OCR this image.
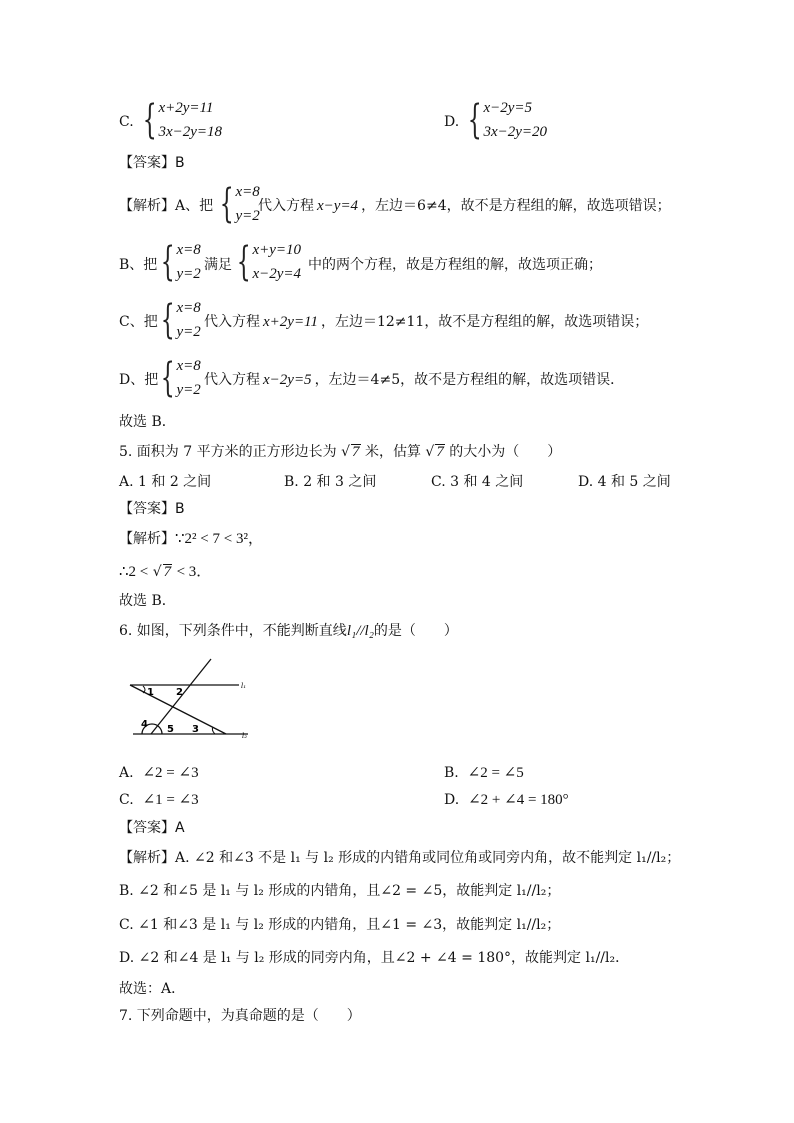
C. { x+2y=11
3x−2y=18
D. { x−2y=5
3x−2y=20
【答案】B
【解析】A、把 { x=8
y=2
代入方程 x−y=4 ，左边＝6≠4，故不是方程组的解，故选项错误；
B、把 { x=8
y=2
满足 { x+y=10
x−2y=4
中的两个方程，故是方程组的解，故选项正确；
C、把 { x=8
y=2
代入方程 x+2y=11 ，左边＝12≠11，故不是方程组的解，故选项错误；
D、把 { x=8
y=2
代入方程 x−2y=5 ，左边＝4≠5，故不是方程组的解，故选项错误．
故选 B．
5. 面积为 7 平方米的正方形边长为 √ 7 米，估算 √ 7 的大小为（　　）
A. 1 和 2 之间	B. 2 和 3 之间	C. 3 和 4 之间	D. 4 和 5 之间
【答案】B
【解析】∵2² < 7 < 3²，
∴2 < √ 7 < 3．
故选 B．
6. 如图，下列条件中，不能判断直线l₁//l₂的是（　　）
1 2
4 5 3
l₁
l₂
A. ∠2 = ∠3	B. ∠2 = ∠5
C. ∠1 = ∠3	D. ∠2 + ∠4 = 180°
【答案】A
【解析】A. ∠2 和∠3 不是 l₁ 与 l₂ 形成的内错角或同位角或同旁内角，故不能判定 l₁//l₂；
B. ∠2 和∠5 是 l₁ 与 l₂ 形成的内错角，且∠2 = ∠5，故能判定 l₁//l₂；
C. ∠1 和∠3 是 l₁ 与 l₂ 形成的内错角，且∠1 = ∠3，故能判定 l₁//l₂；
D. ∠2 和∠4 是 l₁ 与 l₂ 形成的同旁内角，且∠2 + ∠4 = 180°，故能判定 l₁//l₂．
故选：A．
7. 下列命题中，为真命题的是（　　）
